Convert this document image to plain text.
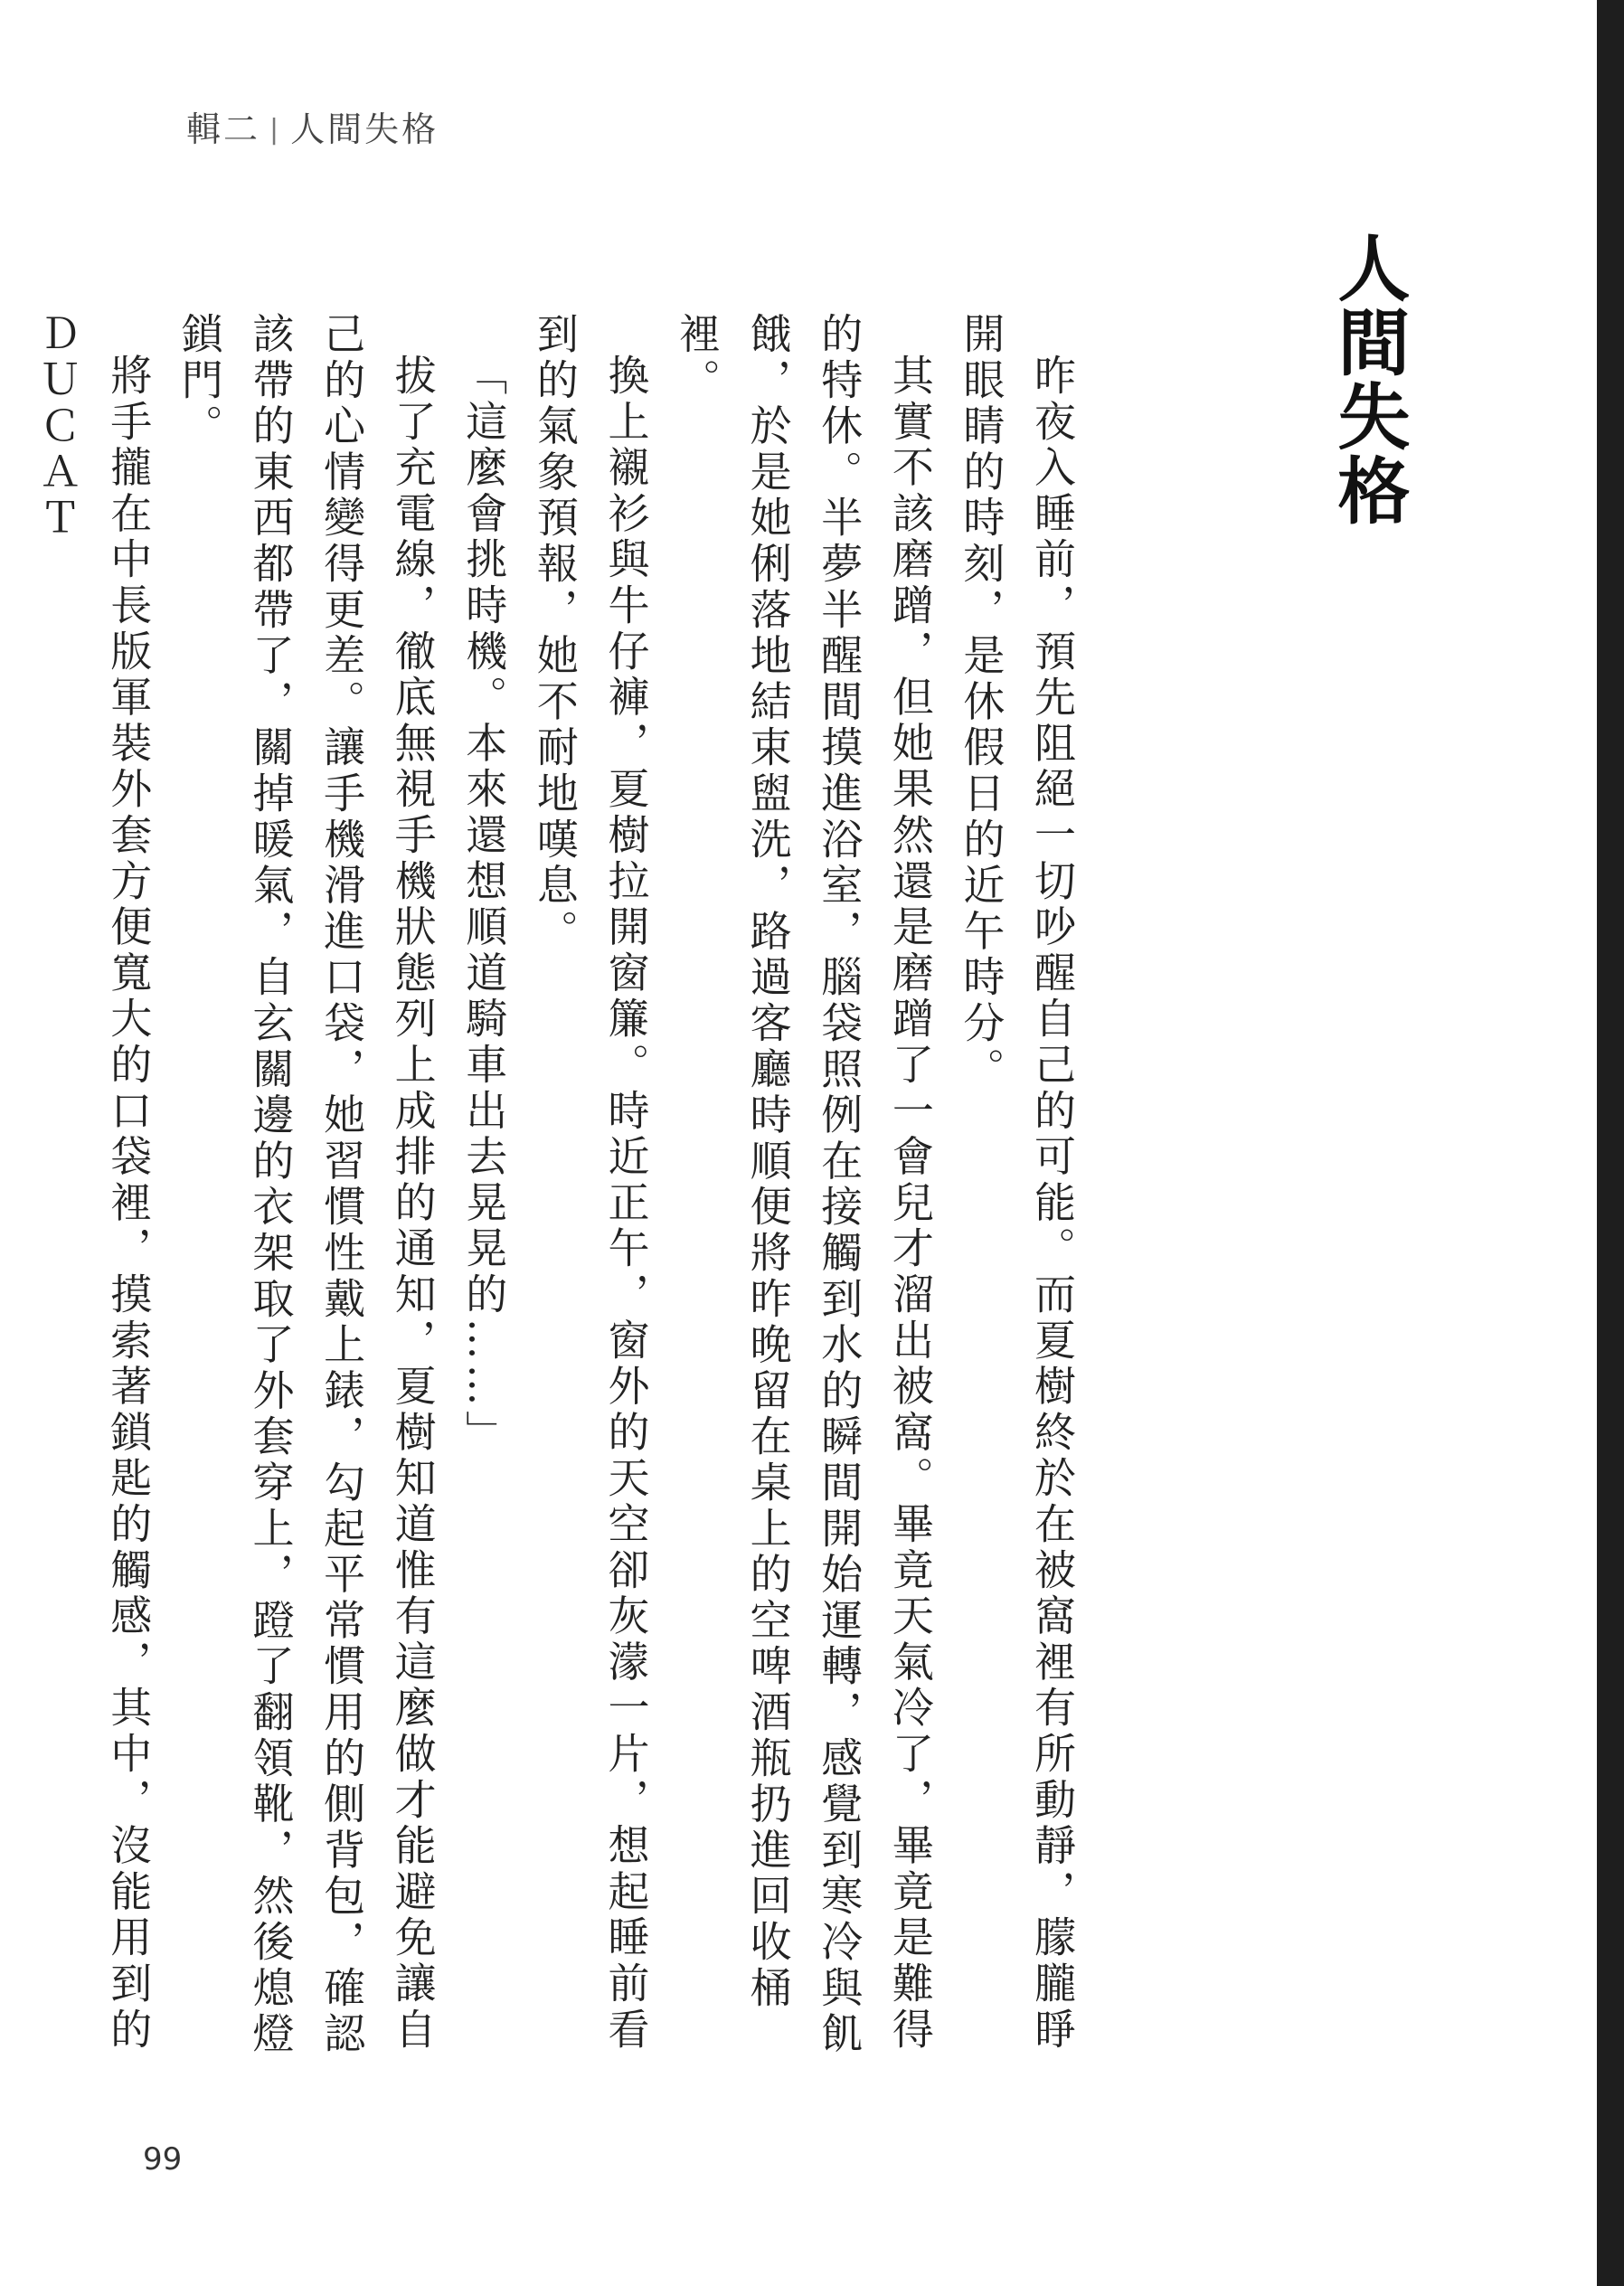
輯二 | 人間失格
人間失格

昨夜入睡前，預先阻絕一切吵醒自己的可能。而夏樹終於在被窩裡有所動靜，朦朧睜開眼睛的時刻，是休假日的近午時分。

其實不該磨蹭，但她果然還是磨蹭了一會兒才溜出被窩。畢竟天氣冷了，畢竟是難得的特休。半夢半醒間摸進浴室，腦袋照例在接觸到水的瞬間開始運轉，感覺到寒冷與飢餓，於是她俐落地結束盥洗，路過客廳時順便將昨晚留在桌上的空啤酒瓶扔進回收桶裡。

換上襯衫與牛仔褲，夏樹拉開窗簾。時近正午，窗外的天空卻灰濛一片，想起睡前看到的氣象預報，她不耐地嘆息。

「這麼會挑時機。本來還想順道騎車出去晃晃的……」

拔了充電線，徹底無視手機狀態列上成排的通知，夏樹知道惟有這麼做才能避免讓自己的心情變得更差。讓手機滑進口袋，她習慣性戴上錶，勾起平常慣用的側背包，確認該帶的東西都帶了，關掉暖氣，自玄關邊的衣架取了外套穿上，蹬了翻領靴，然後熄燈鎖門。

將手攏在中長版軍裝外套方便寬大的口袋裡，摸索著鎖匙的觸感，其中，沒能用到的ＤＵＣＡＴ

99
